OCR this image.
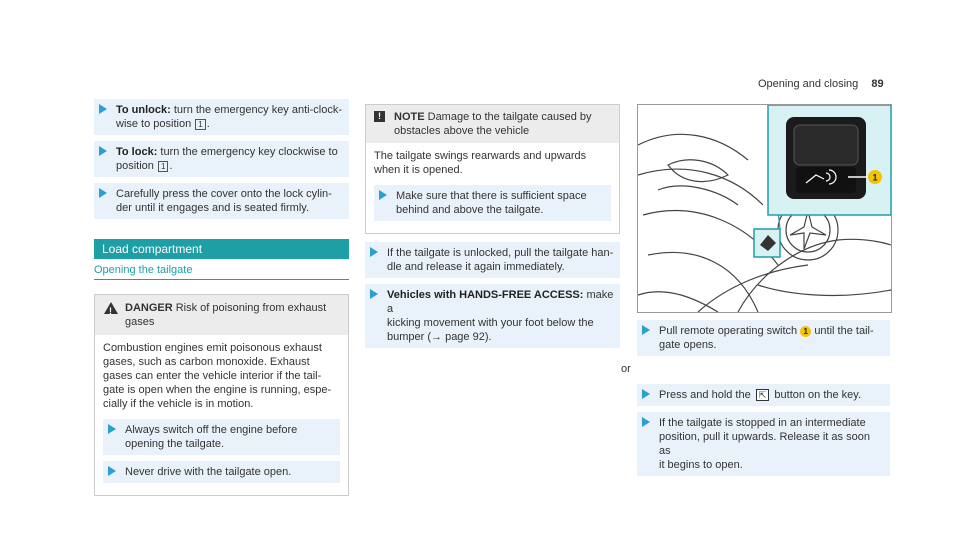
Opening and closing 89
To unlock: turn the emergency key anti-clock-
wise to position 1 .
To lock: turn the emergency key clockwise to
position 1 .
Carefully press the cover onto the lock cylin-
der until it engages and is seated firmly.
Load compartment
Opening the tailgate
! DANGER Risk of poisoning from exhaust
gases
Combustion engines emit poisonous exhaust
gases, such as carbon monoxide. Exhaust
gases can enter the vehicle interior if the tail-
gate is open when the engine is running, espe-
cially if the vehicle is in motion.
Always switch off the engine before
opening the tailgate.
Never drive with the tailgate open.
!	NOTE Damage to the tailgate caused by
obstacles above the vehicle
The tailgate swings rearwards and upwards
when it is opened.
Make sure that there is sufficient space
behind and above the tailgate.
If the tailgate is unlocked, pull the tailgate han-
dle and release it again immediately.
Vehicles with HANDS-FREE ACCESS: make a
kicking movement with your foot below the
bumper (→ page 92).
1
Pull remote operating switch 1 until the tail-
gate opens.
or
Press and hold the ⇱ button on the key.
If the tailgate is stopped in an intermediate
position, pull it upwards. Release it as soon as
it begins to open.
